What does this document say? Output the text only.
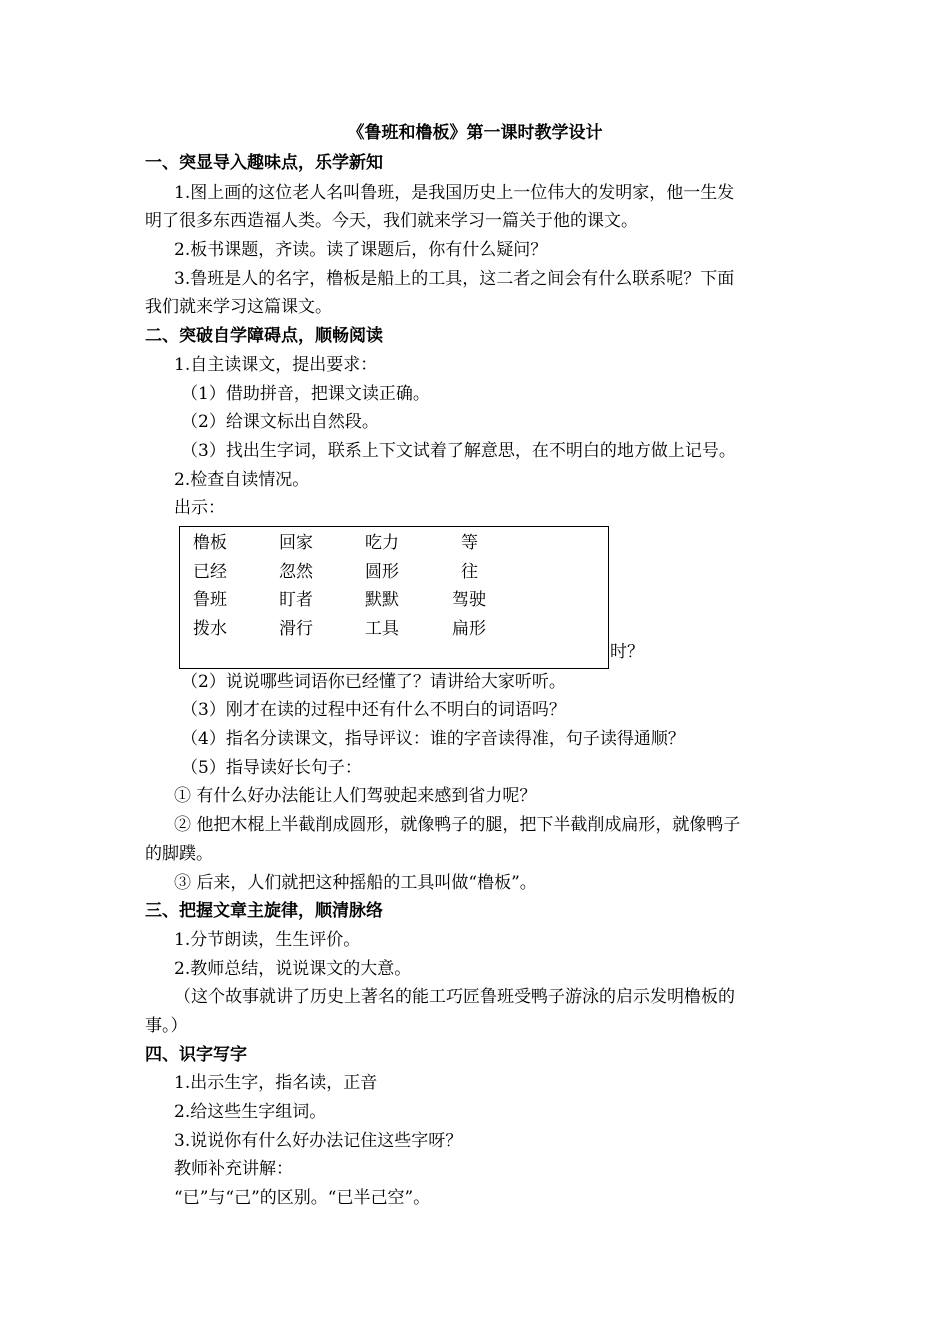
《鲁班和橹板》第一课时教学设计
一、突显导入趣味点，乐学新知
1.图上画的这位老人名叫鲁班，是我国历史上一位伟大的发明家，他一生发
明了很多东西造福人类。今天，我们就来学习一篇关于他的课文。
2.板书课题，齐读。读了课题后，你有什么疑问？
3.鲁班是人的名字，橹板是船上的工具，这二者之间会有什么联系呢？下面
我们就来学习这篇课文。
二、突破自学障碍点，顺畅阅读
1.自主读课文，提出要求：
（1）借助拼音，把课文读正确。
（2）给课文标出自然段。
（3）找出生字词，联系上下文试着了解意思，在不明白的地方做上记号。
2.检查自读情况。
出示：
时？
橹板	回家	吃力	等
已经	忽然	圆形	往
鲁班	盯者	默默	驾驶
拨水	滑行	工具	扁形
（2）说说哪些词语你已经懂了？请讲给大家听听。
（3）刚才在读的过程中还有什么不明白的词语吗？
（4）指名分读课文，指导评议：谁的字音读得准，句子读得通顺？
（5）指导读好长句子：
① 有什么好办法能让人们驾驶起来感到省力呢？
② 他把木棍上半截削成圆形，就像鸭子的腿，把下半截削成扁形，就像鸭子
的脚蹼。
③ 后来，人们就把这种摇船的工具叫做“橹板”。
三、把握文章主旋律，顺清脉络
1.分节朗读，生生评价。
2.教师总结，说说课文的大意。
（这个故事就讲了历史上著名的能工巧匠鲁班受鸭子游泳的启示发明橹板的
事。）
四、识字写字
1.出示生字，指名读，正音
2.给这些生字组词。
3.说说你有什么好办法记住这些字呀？
教师补充讲解：
“已”与“己”的区别。“已半己空”。
